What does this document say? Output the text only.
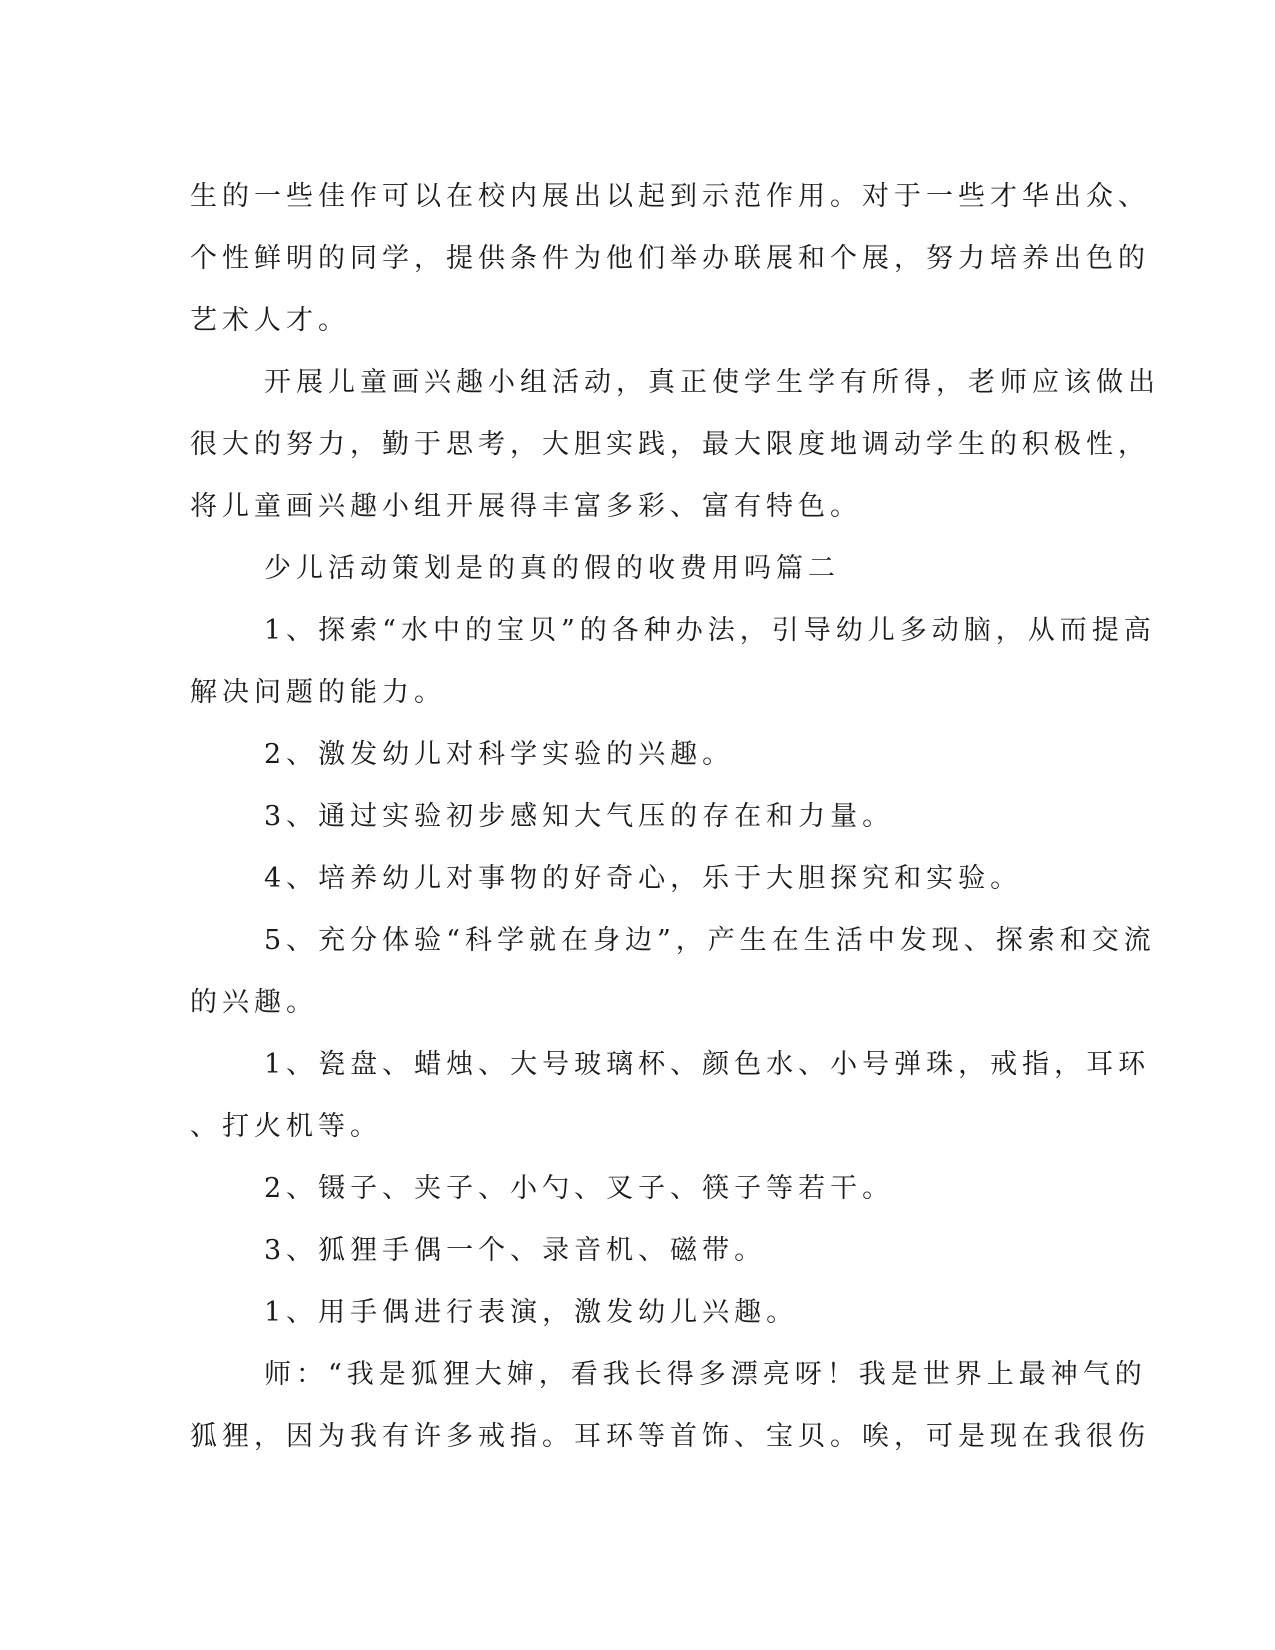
生的一些佳作可以在校内展出以起到示范作用。对于一些才华出众、
个性鲜明的同学，提供条件为他们举办联展和个展，努力培养出色的
艺术人才。
开展儿童画兴趣小组活动，真正使学生学有所得，老师应该做出
很大的努力，勤于思考，大胆实践，最大限度地调动学生的积极性，
将儿童画兴趣小组开展得丰富多彩、富有特色。
少儿活动策划是的真的假的收费用吗篇二
1、探索“水中的宝贝”的各种办法，引导幼儿多动脑，从而提高
解决问题的能力。
2、激发幼儿对科学实验的兴趣。
3、通过实验初步感知大气压的存在和力量。
4、培养幼儿对事物的好奇心，乐于大胆探究和实验。
5、充分体验“科学就在身边”，产生在生活中发现、探索和交流
的兴趣。
1、瓷盘、蜡烛、大号玻璃杯、颜色水、小号弹珠，戒指，耳环
、打火机等。
2、镊子、夹子、小勺、叉子、筷子等若干。
3、狐狸手偶一个、录音机、磁带。
1、用手偶进行表演，激发幼儿兴趣。
师：“我是狐狸大婶，看我长得多漂亮呀！我是世界上最神气的
狐狸，因为我有许多戒指。耳环等首饰、宝贝。唉，可是现在我很伤
